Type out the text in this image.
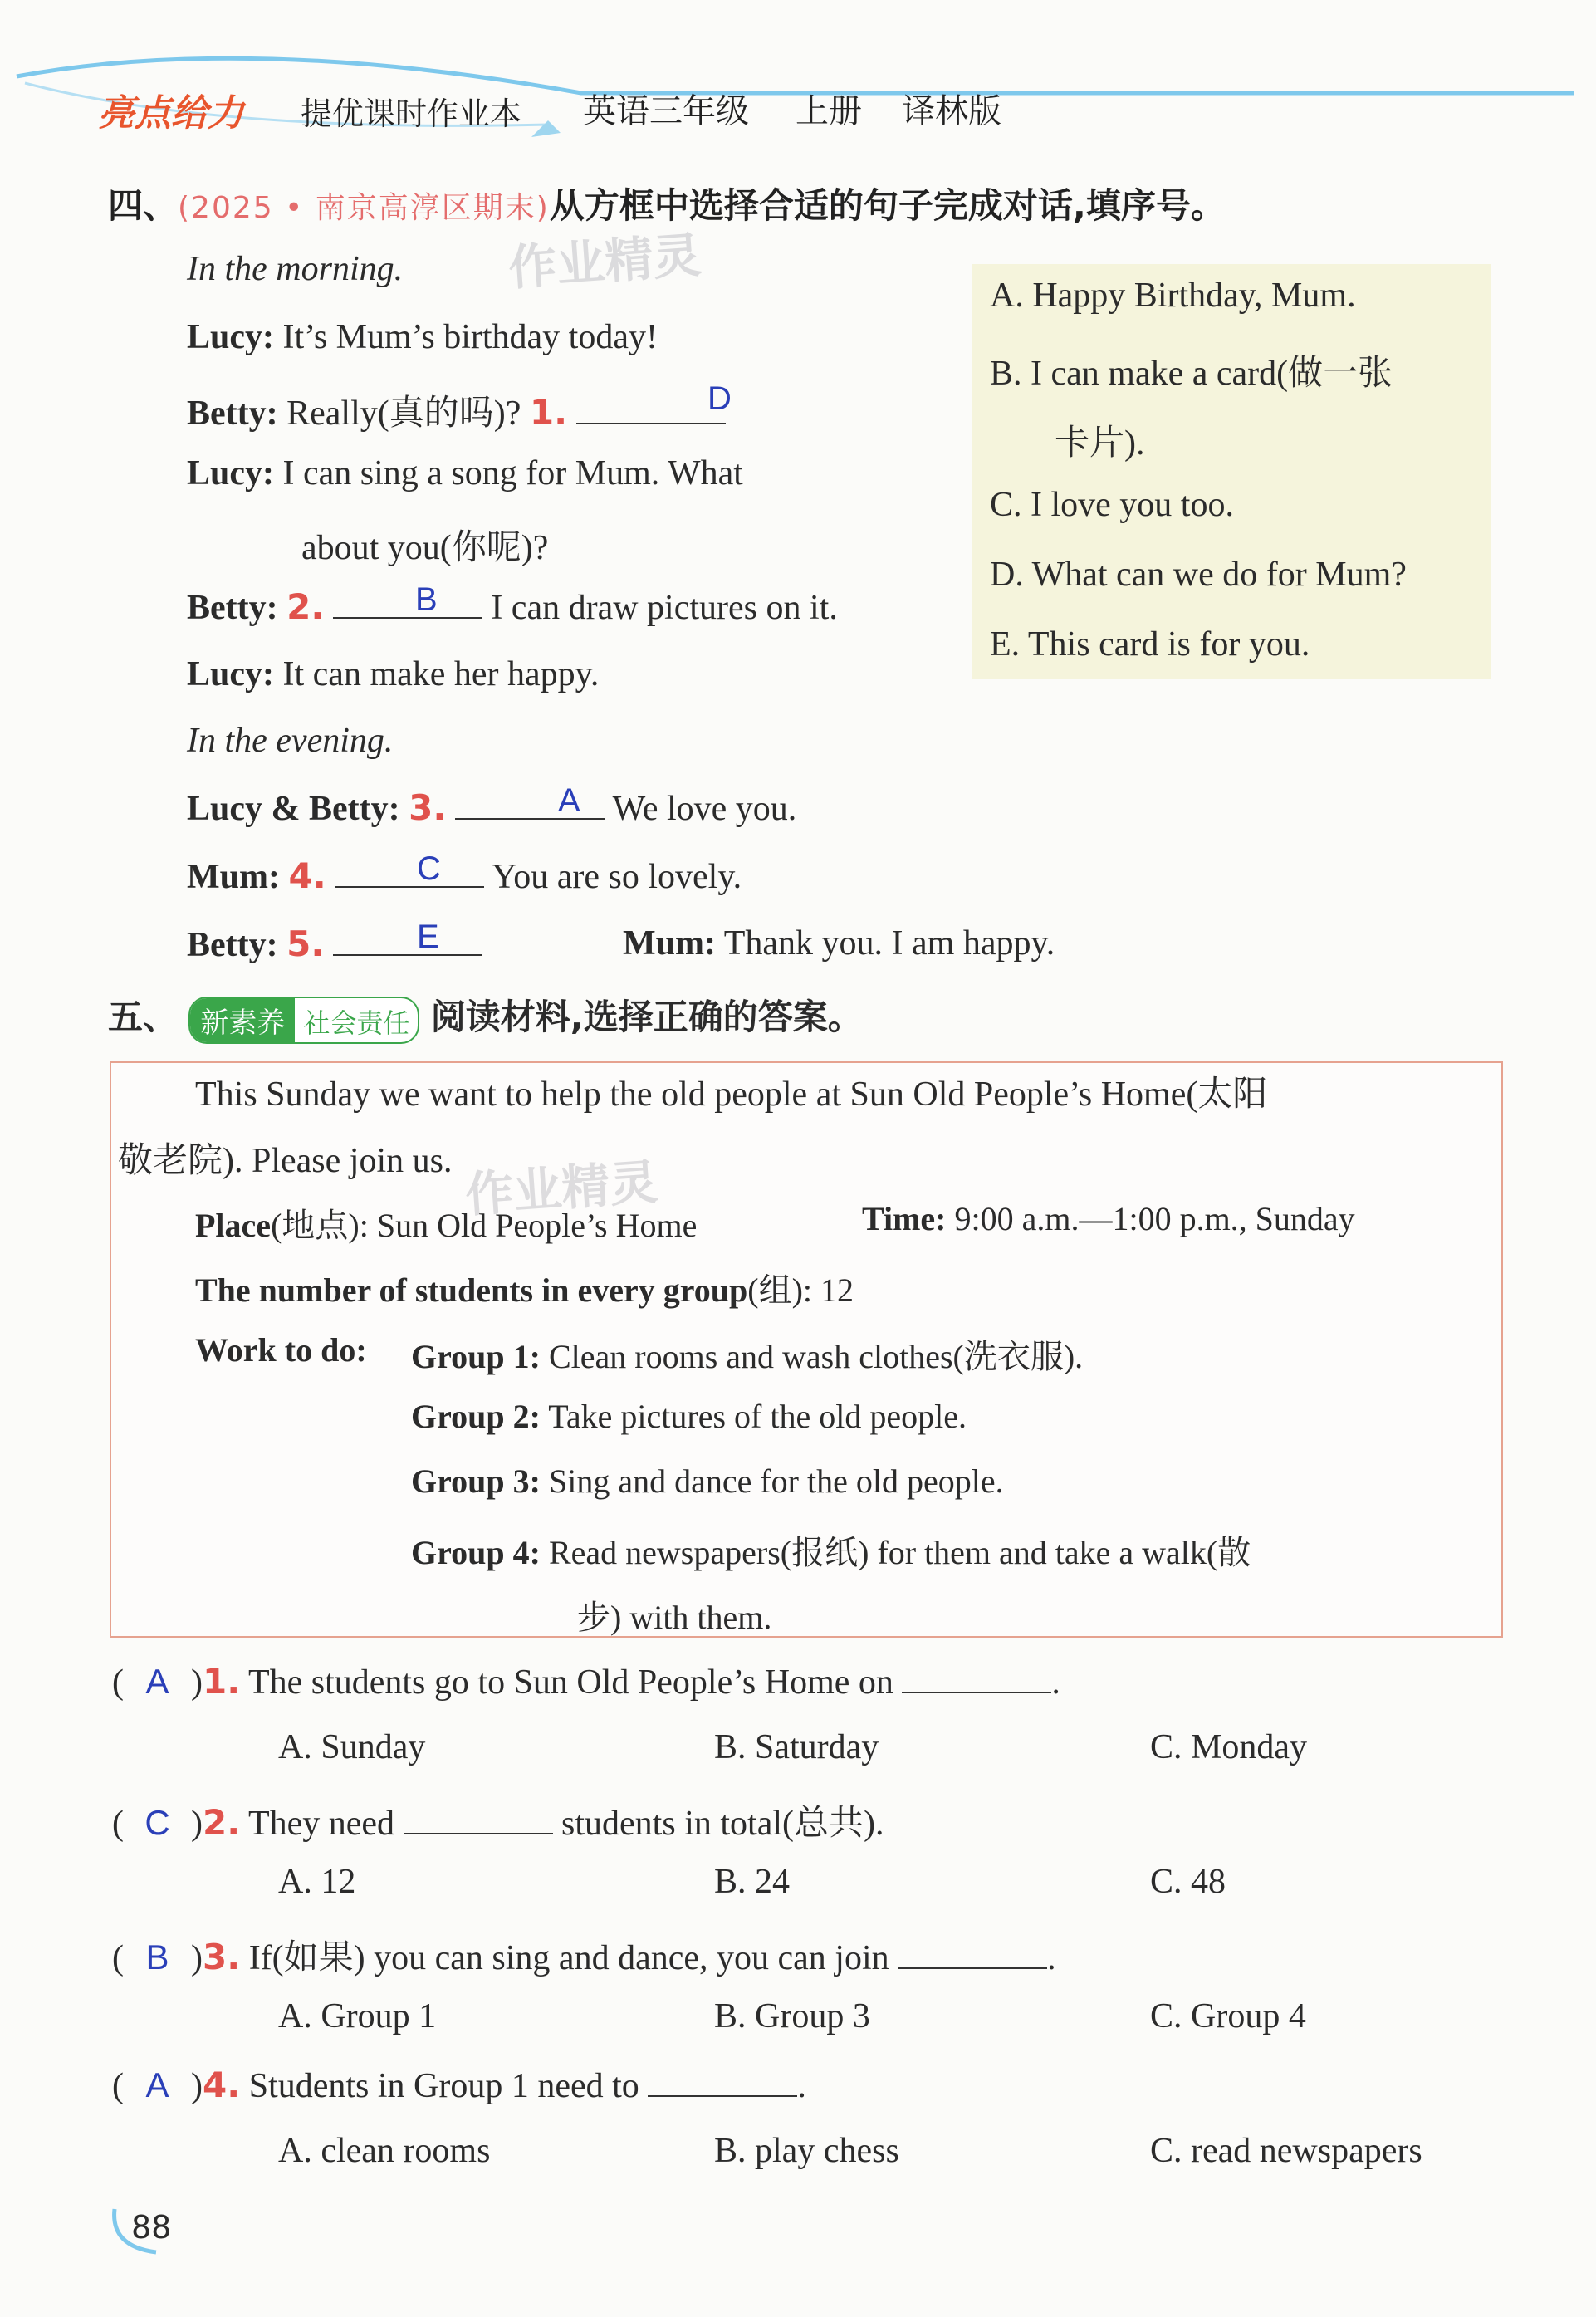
亮点给力 提优课时作业本 英语三年级 上册 译林版
四、(2025 • 南京高淳区期末)从方框中选择合适的句子完成对话,填序号。
作业精灵	A. Happy Birthday, Mum.
B. I can make a card(做一张
卡片).
C. I love you too.
D. What can we do for Mum?
E. This card is for you.
In the morning.
Lucy: It’s Mum’s birthday today!
Betty: Really(真的吗)? 1.	D
Lucy: I can sing a song for Mum. What
about you(你呢)?
Betty: 2.	I can draw pictures on it.
B
Lucy: It can make her happy.
In the evening.
Lucy & Betty: 3.	We love you.
A
Mum: 4.	You are so lovely.
C
Betty: 5.	E	Mum: Thank you. I am happy.
五、 新素养 社会责任 阅读材料,选择正确的答案。
作业精灵
This Sunday we want to help the old people at Sun Old People’s Home(太阳
敬老院). Please join us.
Place(地点): Sun Old People’s Home	Time: 9:00 a.m.—1:00 p.m., Sunday
The number of students in every group(组): 12
Work to do: Group 1: Clean rooms and wash clothes(洗衣服).
Group 2: Take pictures of the old people.
Group 3: Sing and dance for the old people.
Group 4: Read newspapers(报纸) for them and take a walk(散
步) with them.
( A )1. The students go to Sun Old People’s Home on	.
A. Sunday	B. Saturday	C. Monday
( C )2. They need	students in total(总共).
A. 12	B. 24	C. 48
( B )3. If(如果) you can sing and dance, you can join	.
A. Group 1	B. Group 3	C. Group 4
( A )4. Students in Group 1 need to	.
A. clean rooms	B. play chess	C. read newspapers
88
